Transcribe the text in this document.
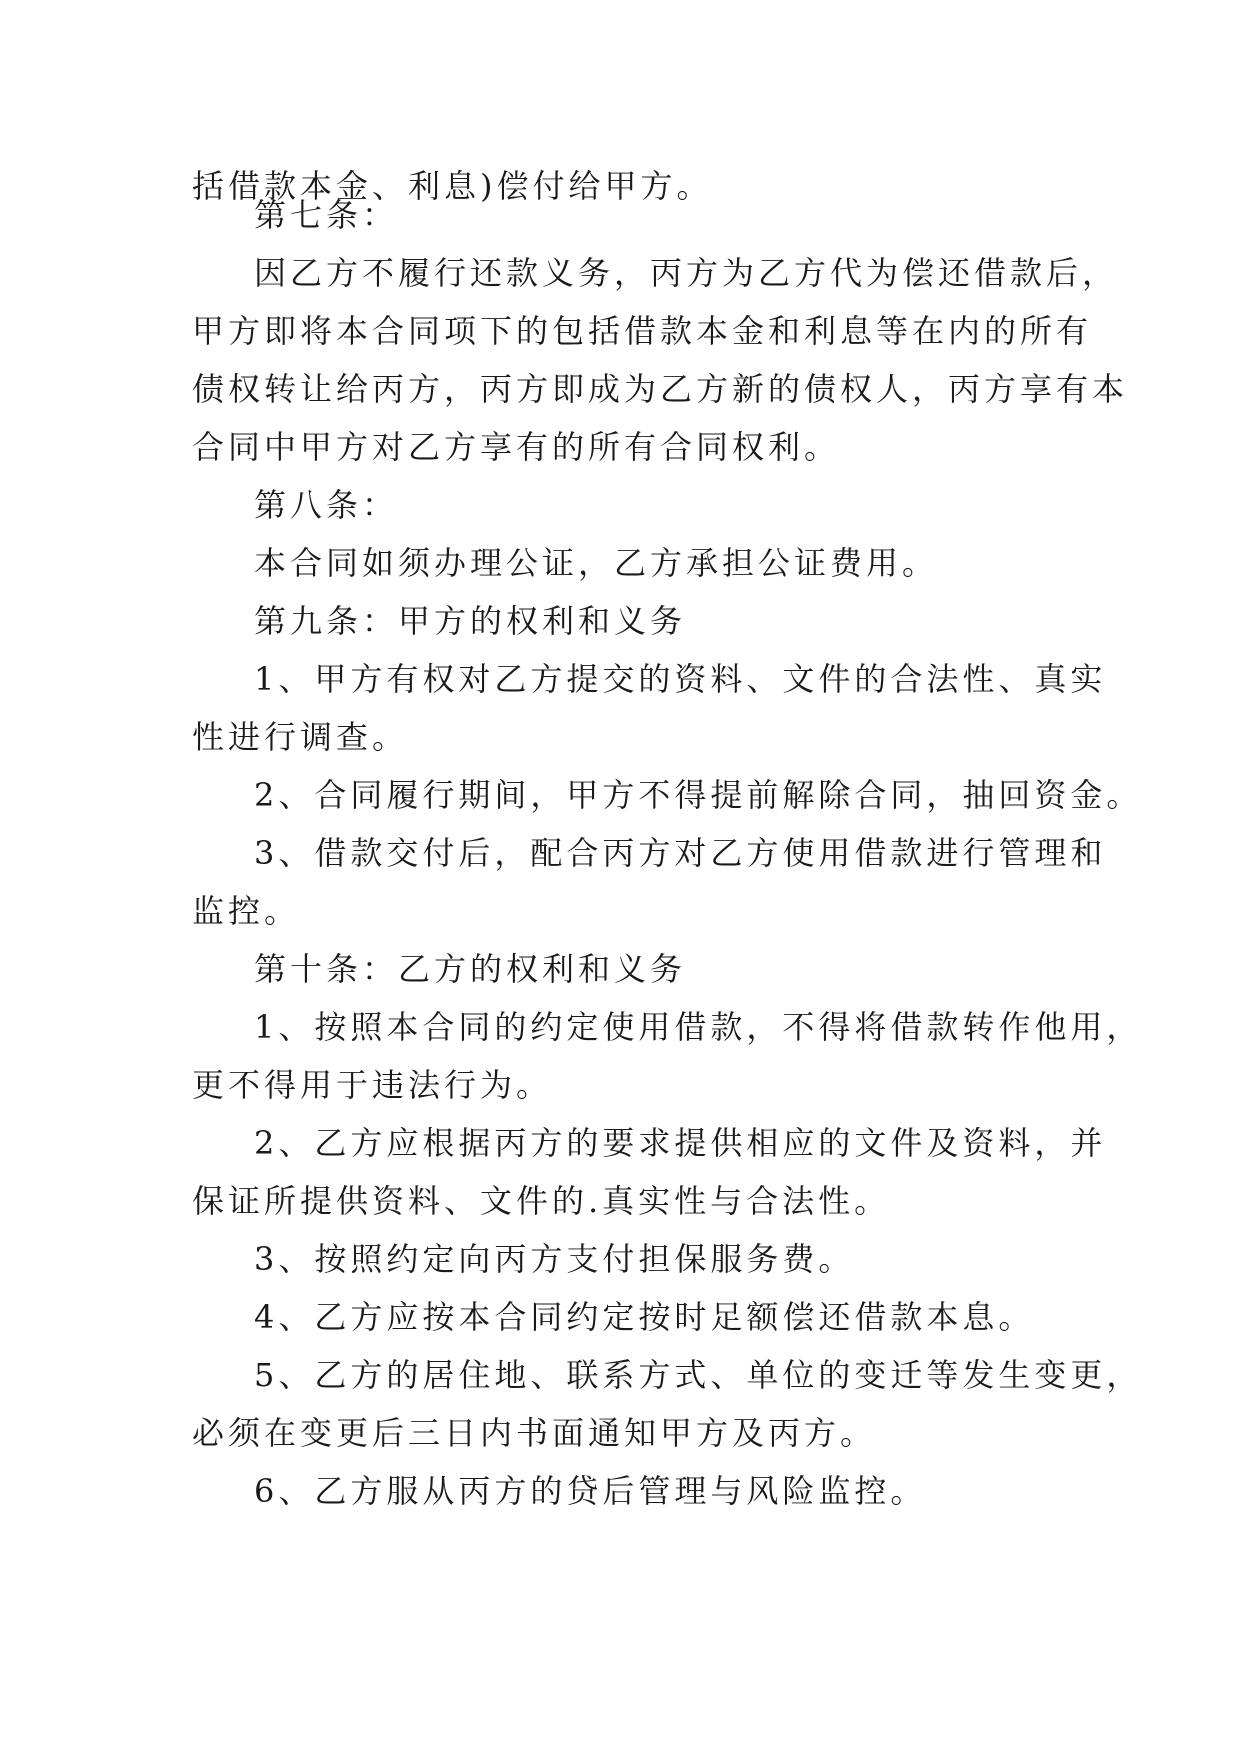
括借款本金、利息)偿付给甲方。
第七条：
因乙方不履行还款义务，丙方为乙方代为偿还借款后，
甲方即将本合同项下的包括借款本金和利息等在内的所有
债权转让给丙方，丙方即成为乙方新的债权人，丙方享有本
合同中甲方对乙方享有的所有合同权利。
第八条：
本合同如须办理公证，乙方承担公证费用。
第九条：甲方的权利和义务
1、甲方有权对乙方提交的资料、文件的合法性、真实
性进行调查。
2、合同履行期间，甲方不得提前解除合同，抽回资金。
3、借款交付后，配合丙方对乙方使用借款进行管理和
监控。
第十条：乙方的权利和义务
1、按照本合同的约定使用借款，不得将借款转作他用，
更不得用于违法行为。
2、乙方应根据丙方的要求提供相应的文件及资料，并
保证所提供资料、文件的.真实性与合法性。
3、按照约定向丙方支付担保服务费。
4、乙方应按本合同约定按时足额偿还借款本息。
5、乙方的居住地、联系方式、单位的变迁等发生变更，
必须在变更后三日内书面通知甲方及丙方。
6、乙方服从丙方的贷后管理与风险监控。
